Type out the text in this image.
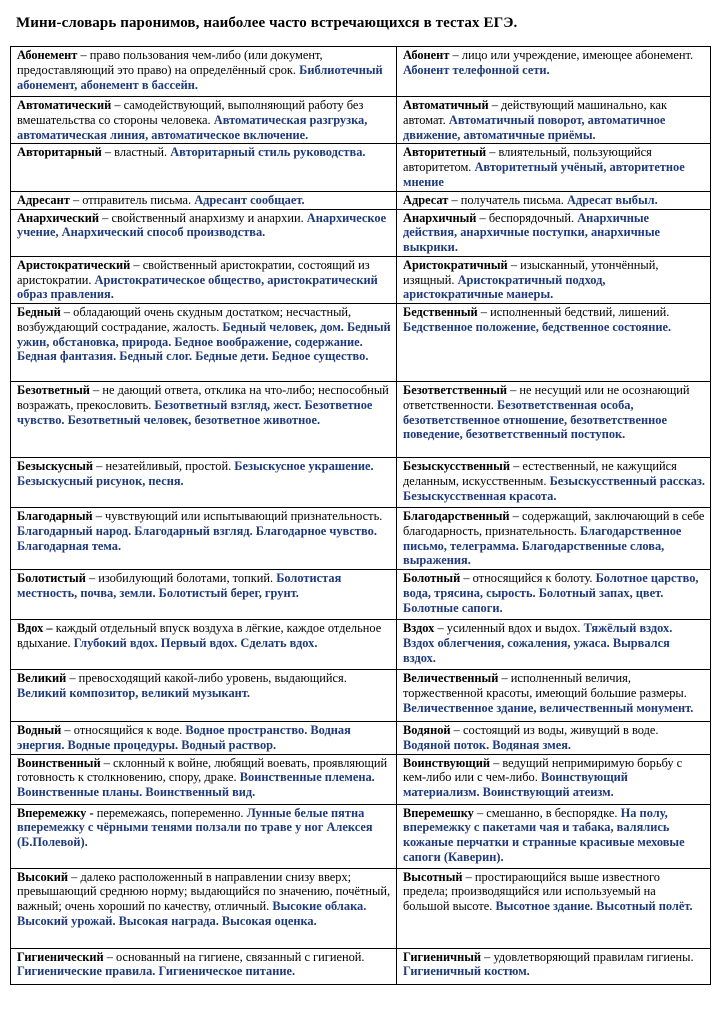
Мини-словарь паронимов, наиболее часто встречающихся в тестах ЕГЭ.
Абонемент – право пользования чем-либо (или документ, предоставляющий это право) на определённый срок. Библиотечный абонемент, абонемент в бассейн.	Абонент – лицо или учреждение, имеющее абонемент. Абонент телефонной сети.
Автоматический – самодействующий, выполняющий работу без вмешательства со стороны человека. Автоматическая разгрузка, автоматическая линия, автоматическое включение.	Автоматичный – действующий машинально, как автомат. Автоматичный поворот, автоматичное движение, автоматичные приёмы.
Авторитарный – властный. Авторитарный стиль руководства.	Авторитетный – влиятельный, пользующийся авторитетом. Авторитетный учёный, авторитетное мнение
Адресант – отправитель письма. Адресант сообщает.	Адресат – получатель письма. Адресат выбыл.
Анархический – свойственный анархизму и анархии. Анархическое учение, Анархический способ производства.	Анархичный – беспорядочный. Анархичные действия, анархичные поступки, анархичные выкрики.
Аристократический – свойственный аристократии, состоящий из аристократии. Аристократическое общество, аристократический образ правления.	Аристократичный – изысканный, утончённый, изящный. Аристократичный подход, аристократичные манеры.
Бедный – обладающий очень скудным достатком; несчастный, возбуждающий сострадание, жалость. Бедный человек, дом. Бедный ужин, обстановка, природа. Бедное воображение, содержание. Бедная фантазия. Бедный слог. Бедные дети. Бедное существо.	Бедственный – исполненный бедствий, лишений. Бедственное положение, бедственное состояние.
Безответный – не дающий ответа, отклика на что-либо; неспособный возражать, прекословить. Безответный взгляд, жест. Безответное чувство. Безответный человек, безответное животное.	Безответственный – не несущий или не осознающий ответственности. Безответственная особа, безответственное отношение, безответственное поведение, безответственный поступок.
Безыскусный – незатейливый, простой. Безыскусное украшение. Безыскусный рисунок, песня.	Безыскусственный – естественный, не кажущийся деланным, искусственным. Безыскусственный рассказ. Безыскусственная красота.
Благодарный – чувствующий или испытывающий признательность. Благодарный народ. Благодарный взгляд. Благодарное чувство. Благодарная тема.	Благодарственный – содержащий, заключающий в себе благодарность, признательность. Благодарственное письмо, телеграмма. Благодарственные слова, выражения.
Болотистый – изобилующий болотами, топкий. Болотистая местность, почва, земли. Болотистый берег, грунт.	Болотный – относящийся к болоту. Болотное царство, вода, трясина, сырость. Болотный запах, цвет. Болотные сапоги.
Вдох – каждый отдельный впуск воздуха в лёгкие, каждое отдельное вдыхание. Глубокий вдох. Первый вдох. Сделать вдох.	Вздох – усиленный вдох и выдох. Тяжёлый вздох. Вздох облегчения, сожаления, ужаса. Вырвался вздох.
Великий – превосходящий какой-либо уровень, выдающийся. Великий композитор, великий музыкант.	Величественный – исполненный величия, торжественной красоты, имеющий большие размеры. Величественное здание, величественный монумент.
Водный – относящийся к воде. Водное пространство. Водная энергия. Водные процедуры. Водный раствор.	Водяной – состоящий из воды, живущий в воде. Водяной поток. Водяная змея.
Воинственный – склонный к войне, любящий воевать, проявляющий готовность к столкновению, спору, драке. Воинственные племена. Воинственные планы. Воинственный вид.	Воинствующий – ведущий непримиримую борьбу с кем-либо или с чем-либо. Воинствующий материализм. Воинствующий атеизм.
Вперемежку - перемежаясь, попеременно. Лунные белые пятна вперемежку с чёрными тенями ползали по траве у ног Алексея (Б.Полевой).	Вперемешку – смешанно, в беспорядке. На полу, вперемежку с пакетами чая и табака, валялись кожаные перчатки и странные красивые меховые сапоги (Каверин).
Высокий – далеко расположенный в направлении снизу вверх; превышающий среднюю норму; выдающийся по значению, почётный, важный; очень хороший по качеству, отличный. Высокие облака. Высокий урожай. Высокая награда. Высокая оценка.	Высотный – простирающийся выше известного предела; производящийся или используемый на большой высоте. Высотное здание. Высотный полёт.
Гигиенический – основанный на гигиене, связанный с гигиеной. Гигиенические правила. Гигиеническое питание.	Гигиеничный – удовлетворяющий правилам гигиены. Гигиеничный костюм.
